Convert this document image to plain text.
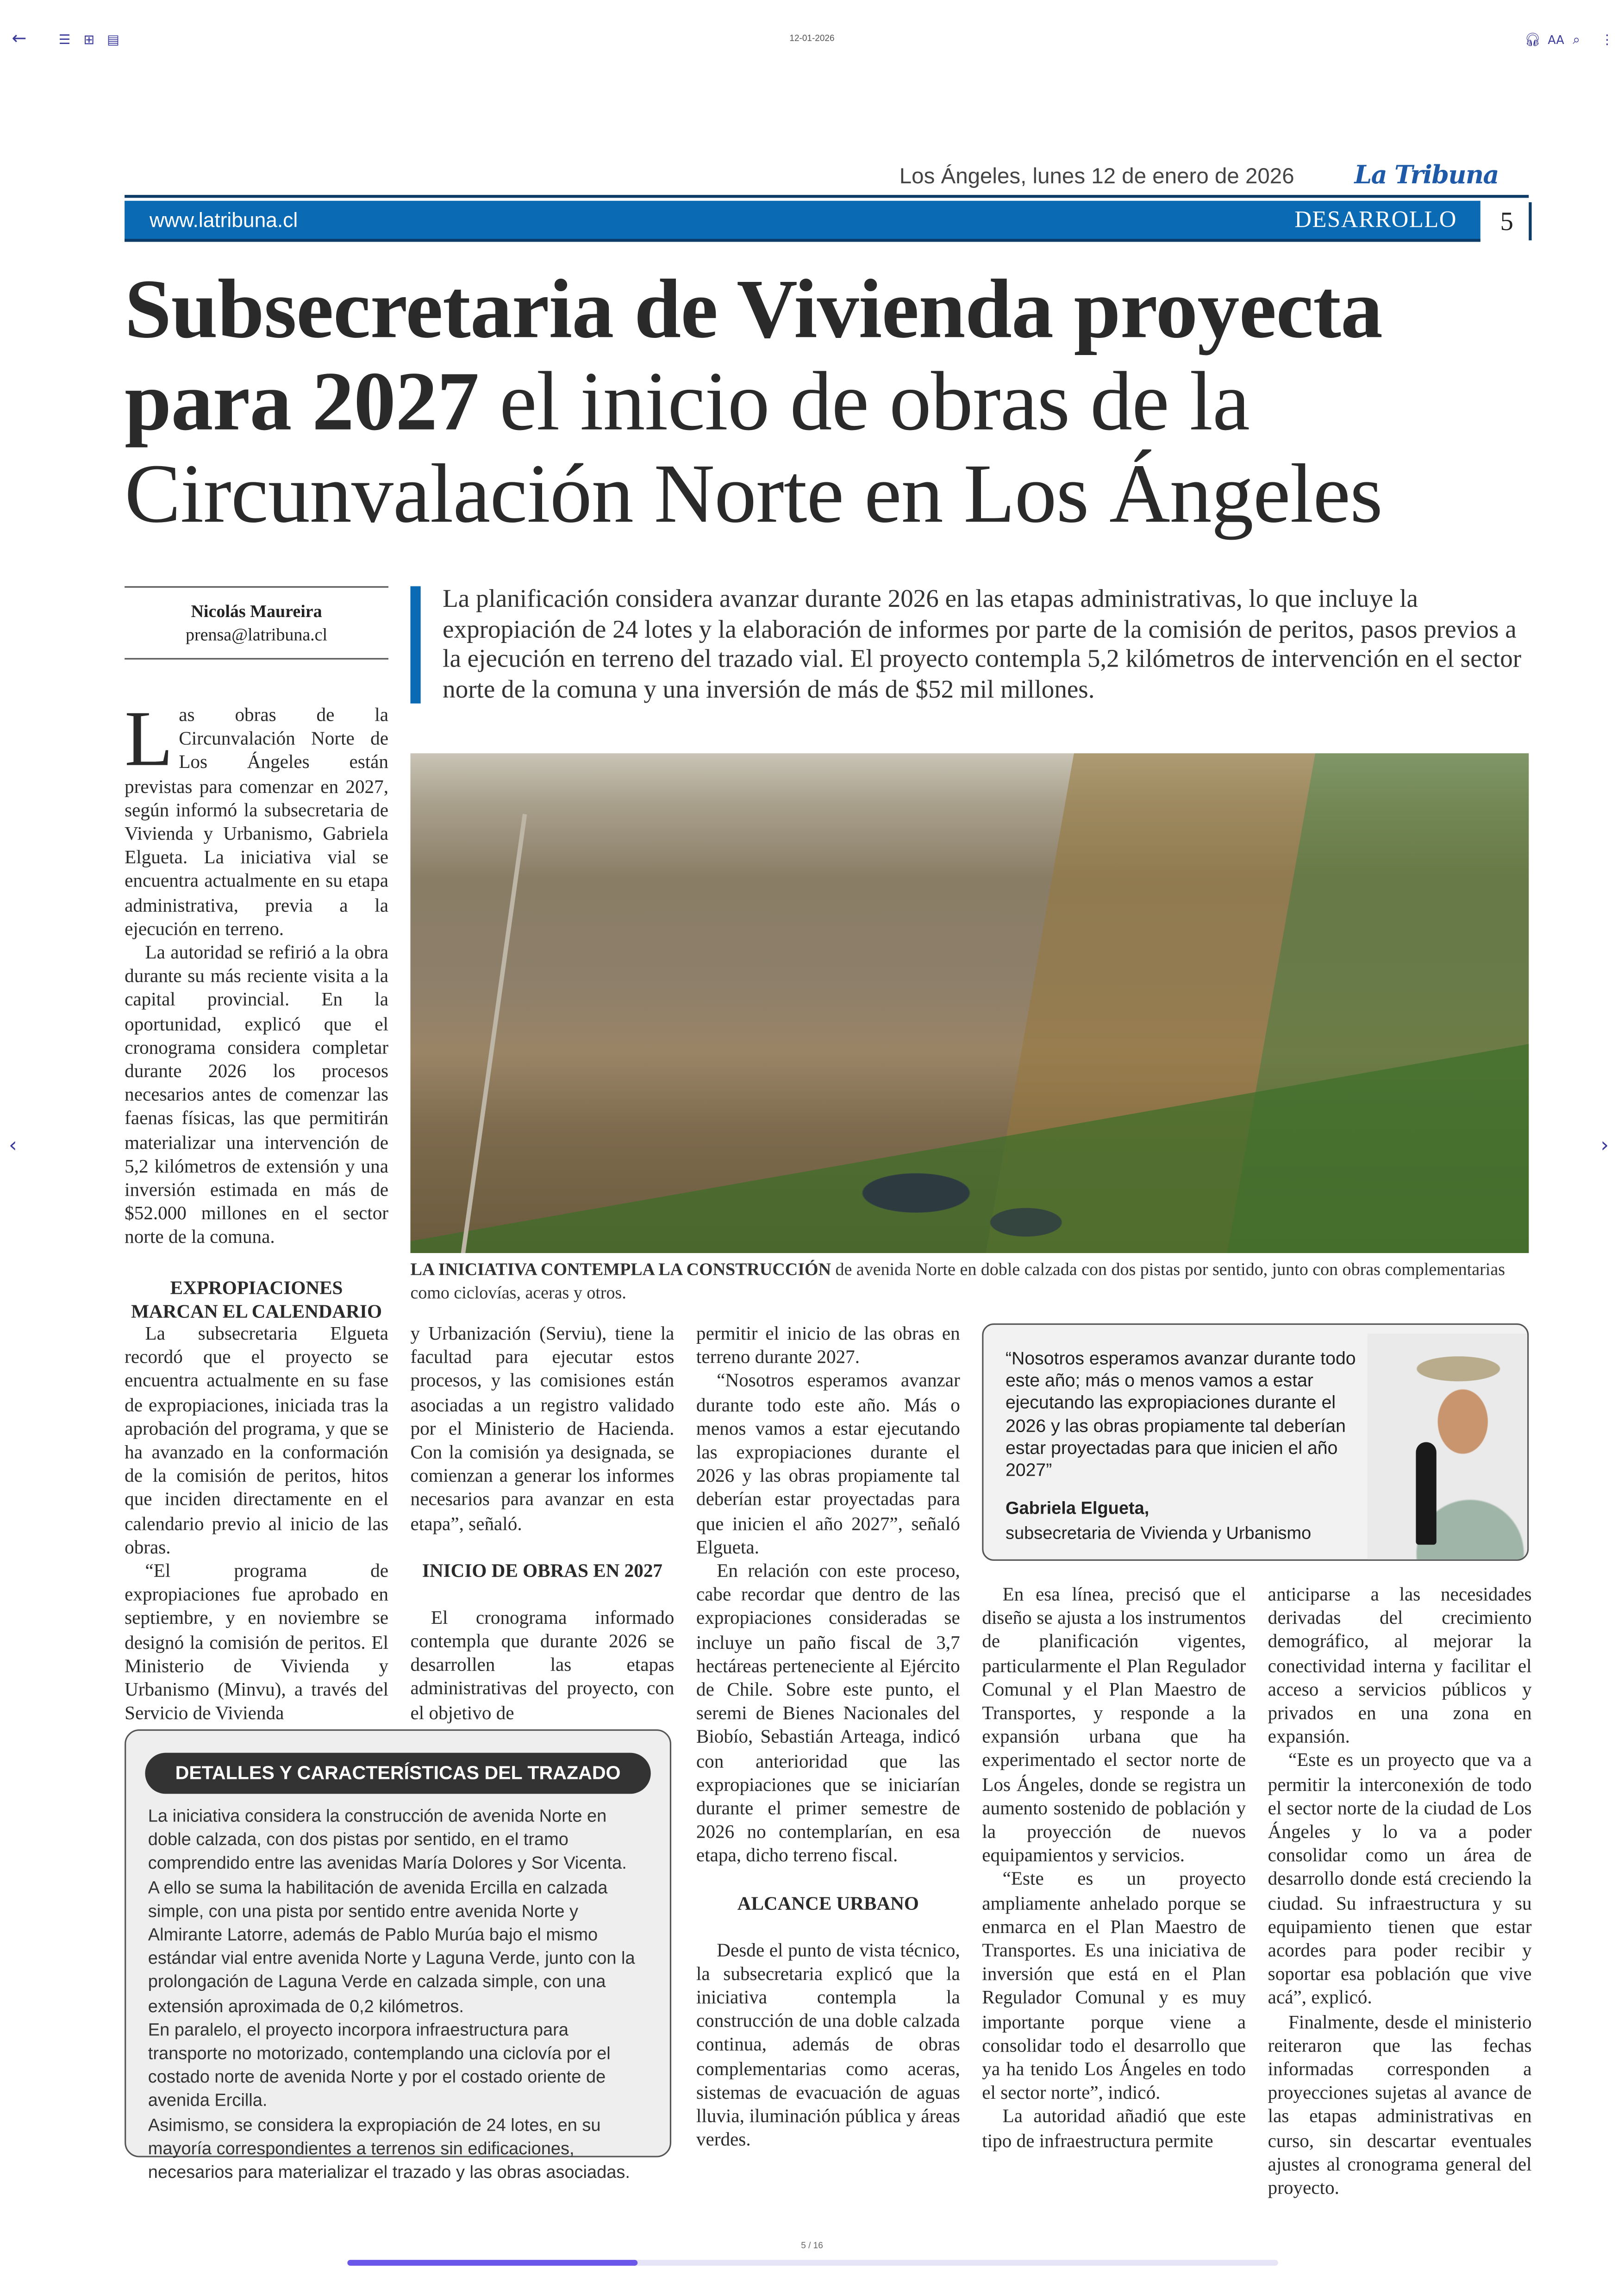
←	☰	⊞	▤	12-01-2026	🎧︎ AA ⌕	⋮
‹	›
Los Ángeles, lunes 12 de enero de 2026	La Tribuna
www.latribuna.cl	DESARROLLO	5
Subsecretaria de Vivienda proyecta para 2027 el inicio de obras de la Circunvalación Norte en Los Ángeles
Nicolás Maureira
prensa@latribuna.cl

La planificación considera avanzar durante 2026 en las etapas administrativas, lo que incluye la expropiación de 24 lotes y la elaboración de informes por parte de la comisión de peritos, pasos previos a la ejecución en terreno del trazado vial. El proyecto contempla 5,2 kilómetros de intervención en el sector norte de la comuna y una inversión de más de $52 mil millones.

Las obras de la Circunvalación Norte de Los Ángeles están previstas para comenzar en 2027, según informó la subsecretaria de Vivienda y Urbanismo, Gabriela Elgueta. La iniciativa vial se encuentra actualmente en su etapa administrativa, previa a la ejecución en terreno.

La autoridad se refirió a la obra durante su más reciente visita a la capital provincial. En la oportunidad, explicó que el cronograma considera completar durante 2026 los procesos necesarios antes de comenzar las faenas físicas, las que permitirán materializar una intervención de 5,2 kilómetros de extensión y una inversión estimada en más de $52.000 millones en el sector norte de la comuna.

EXPROPIACIONES MARCAN EL CALENDARIO
LA INICIATIVA CONTEMPLA LA CONSTRUCCIÓN de avenida Norte en doble calzada con dos pistas por sentido, junto con obras complementarias como ciclovías, aceras y otros.

La subsecretaria Elgueta recordó que el proyecto se encuentra actualmente en su fase de expropiaciones, iniciada tras la aprobación del programa, y que se ha avanzado en la conformación de la comisión de peritos, hitos que inciden directamente en el calendario previo al inicio de las obras.

“El programa de expropiaciones fue aprobado en septiembre, y en noviembre se designó la comisión de peritos. El Ministerio de Vivienda y Urbanismo (Minvu), a través del Servicio de Vivienda

y Urbanización (Serviu), tiene la facultad para ejecutar estos procesos, y las comisiones están asociadas a un registro validado por el Ministerio de Hacienda. Con la comisión ya designada, se comienzan a generar los informes necesarios para avanzar en esta etapa”, señaló.

INICIO DE OBRAS EN 2027

El cronograma informado contempla que durante 2026 se desarrollen las etapas administrativas del proyecto, con el objetivo de

permitir el inicio de las obras en terreno durante 2027.

“Nosotros esperamos avanzar durante todo este año. Más o menos vamos a estar ejecutando las expropiaciones durante el 2026 y las obras propiamente tal deberían estar proyectadas para que inicien el año 2027”, señaló Elgueta.

En relación con este proceso, cabe recordar que dentro de las expropiaciones consideradas se incluye un paño fiscal de 3,7 hectáreas perteneciente al Ejército de Chile. Sobre este punto, el seremi de Bienes Nacionales del Biobío, Sebastián Arteaga, indicó con anterioridad que las expropiaciones que se iniciarían durante el primer semestre de 2026 no contemplarían, en esa etapa, dicho terreno fiscal.

ALCANCE URBANO

Desde el punto de vista técnico, la subsecretaria explicó que la iniciativa contempla la construcción de una doble calzada continua, además de obras complementarias como aceras, sistemas de evacuación de aguas lluvia, iluminación pública y áreas verdes.

“Nosotros esperamos avanzar durante todo este año; más o menos vamos a estar ejecutando las expropiaciones durante el 2026 y las obras propiamente tal deberían estar proyectadas para que inicien el año 2027”
Gabriela Elgueta,
subsecretaria de Vivienda y Urbanismo

En esa línea, precisó que el diseño se ajusta a los instrumentos de planificación vigentes, particularmente el Plan Regulador Comunal y el Plan Maestro de Transportes, y responde a la expansión urbana que ha experimentado el sector norte de Los Ángeles, donde se registra un aumento sostenido de población y la proyección de nuevos equipamientos y servicios.

“Este es un proyecto ampliamente anhelado porque se enmarca en el Plan Maestro de Transportes. Es una iniciativa de inversión que está en el Plan Regulador Comunal y es muy importante porque viene a consolidar todo el desarrollo que ya ha tenido Los Ángeles en todo el sector norte”, indicó.

La autoridad añadió que este tipo de infraestructura permite

anticiparse a las necesidades derivadas del crecimiento demográfico, al mejorar la conectividad interna y facilitar el acceso a servicios públicos y privados en una zona en expansión.

“Este es un proyecto que va a permitir la interconexión de todo el sector norte de la ciudad de Los Ángeles y lo va a poder consolidar como un área de desarrollo donde está creciendo la ciudad. Su infraestructura y su equipamiento tienen que estar acordes para poder recibir y soportar esa población que vive acá”, explicó.

Finalmente, desde el ministerio reiteraron que las fechas informadas corresponden a proyecciones sujetas al avance de las etapas administrativas en curso, sin descartar eventuales ajustes al cronograma general del proyecto.

DETALLES Y CARACTERÍSTICAS DEL TRAZADO

La iniciativa considera la construcción de avenida Norte en doble calzada, con dos pistas por sentido, en el tramo comprendido entre las avenidas María Dolores y Sor Vicenta.

A ello se suma la habilitación de avenida Ercilla en calzada simple, con una pista por sentido entre avenida Norte y Almirante Latorre, además de Pablo Murúa bajo el mismo estándar vial entre avenida Norte y Laguna Verde, junto con la prolongación de Laguna Verde en calzada simple, con una extensión aproximada de 0,2 kilómetros.

En paralelo, el proyecto incorpora infraestructura para transporte no motorizado, contemplando una ciclovía por el costado norte de avenida Norte y por el costado oriente de avenida Ercilla.

Asimismo, se considera la expropiación de 24 lotes, en su mayoría correspondientes a terrenos sin edificaciones, necesarios para materializar el trazado y las obras asociadas.

5 / 16
